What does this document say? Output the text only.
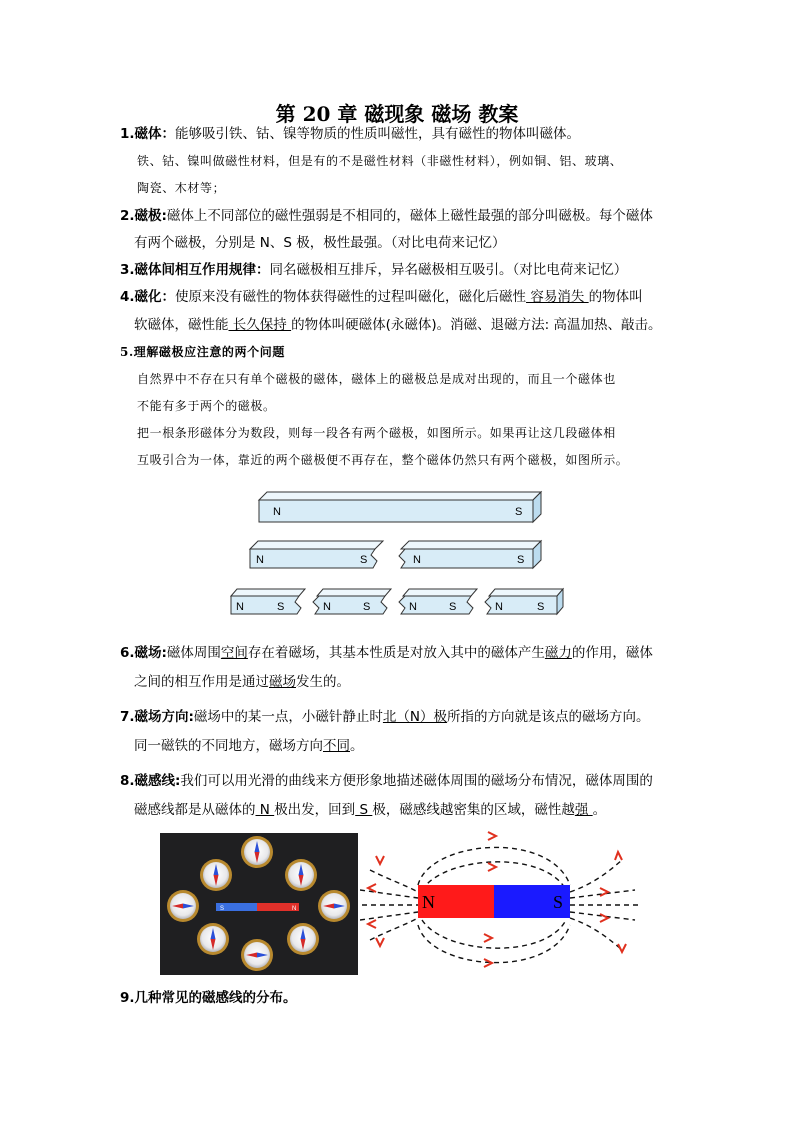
第 20 章 磁现象 磁场 教案
1.磁体：能够吸引铁、钴、镍等物质的性质叫磁性，具有磁性的物体叫磁体。
铁、钴、镍叫做磁性材料，但是有的不是磁性材料（非磁性材料），例如铜、铝、玻璃、
陶瓷、木材等；
2.磁极:磁体上不同部位的磁性强弱是不相同的，磁体上磁性最强的部分叫磁极。每个磁体
有两个磁极，分别是 N、S 极，极性最强。（对比电荷来记忆）
3.磁体间相互作用规律：同名磁极相互排斥，异名磁极相互吸引。（对比电荷来记忆）
4.磁化：使原来没有磁性的物体获得磁性的过程叫磁化，磁化后磁性 容易消失 的物体叫
软磁体，磁性能 长久保持 的物体叫硬磁体(永磁体)。消磁、退磁方法: 高温加热、敲击。
5.理解磁极应注意的两个问题
自然界中不存在只有单个磁极的磁体，磁体上的磁极总是成对出现的，而且一个磁体也
不能有多于两个的磁极。
把一根条形磁体分为数段，则每一段各有两个磁极，如图所示。如果再让这几段磁体相
互吸引合为一体，靠近的两个磁极便不再存在，整个磁体仍然只有两个磁极，如图所示。
N	S
N	S	N	S
N	S	N	S	N	S	N	S
6.磁场:磁体周围空间存在着磁场，其基本性质是对放入其中的磁体产生磁力的作用，磁体
之间的相互作用是通过磁场发生的。
7.磁场方向:磁场中的某一点，小磁针静止时北（N）极所指的方向就是该点的磁场方向。
同一磁铁的不同地方，磁场方向不同。
8.磁感线:我们可以用光滑的曲线来方便形象地描述磁体周围的磁场分布情况，磁体周围的
磁感线都是从磁体的 N 极出发，回到 S 极，磁感线越密集的区域，磁性越强 。
S	N	N	S
9.几种常见的磁感线的分布。
